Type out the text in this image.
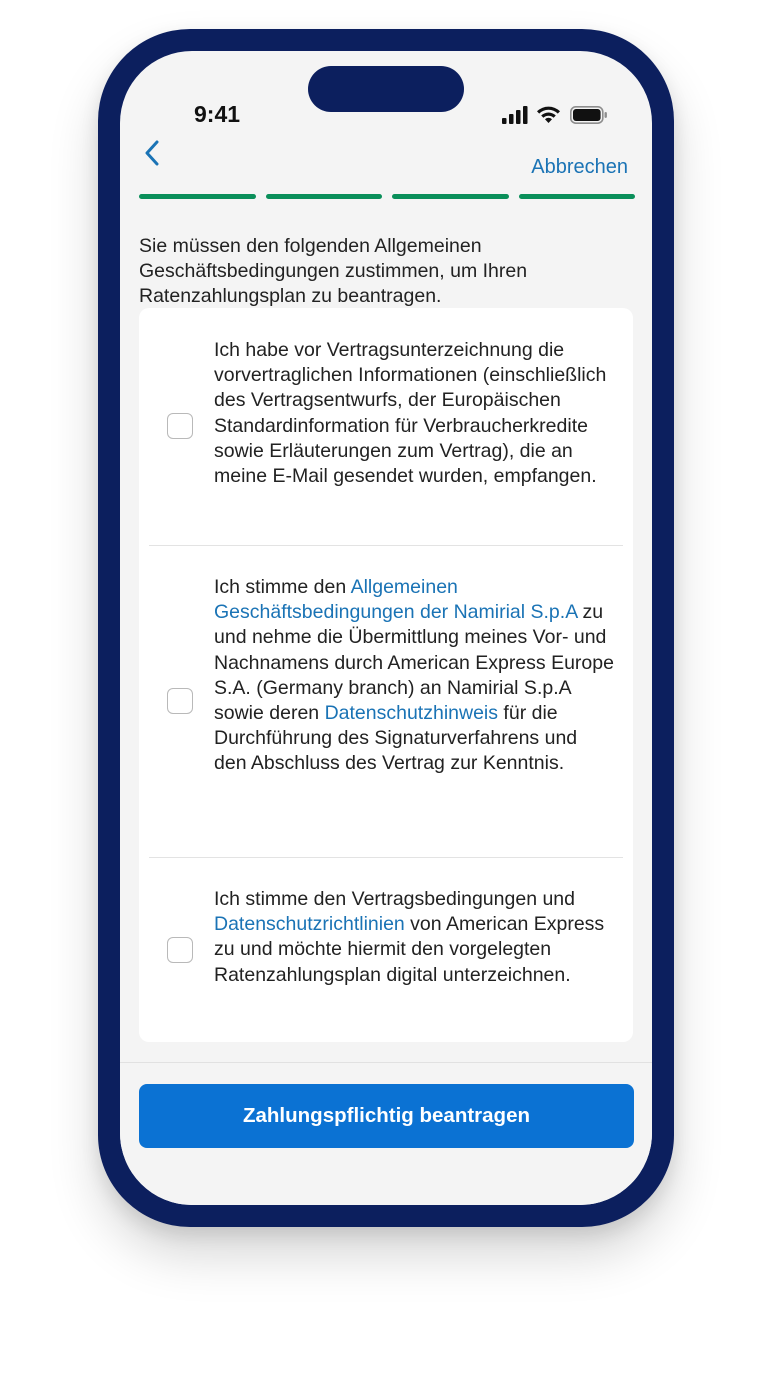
9:41
Abbrechen

Sie müssen den folgenden Allgemeinen Geschäftsbedingungen zustimmen, um Ihren Ratenzahlungsplan zu beantragen.

Ich habe vor Vertragsunterzeichnung die vorvertraglichen Informationen (einschließlich des Vertragsentwurfs, der Europäischen Standardinformation für Verbraucherkredite sowie Erläuterungen zum Vertrag), die an meine E-Mail gesendet wurden, empfangen.
Ich stimme den Allgemeinen Geschäftsbedingungen der Namirial S.p.A zu und nehme die Übermittlung meines Vor- und Nachnamens durch American Express Europe S.A. (Germany branch) an Namirial S.p.A sowie deren Datenschutzhinweis für die Durchführung des Signaturverfahrens und den Abschluss des Vertrag zur Kenntnis.
Ich stimme den Vertragsbedingungen und Datenschutzrichtlinien von American Express zu und möchte hiermit den vorgelegten Ratenzahlungsplan digital unterzeichnen.
Zahlungspflichtig beantragen
